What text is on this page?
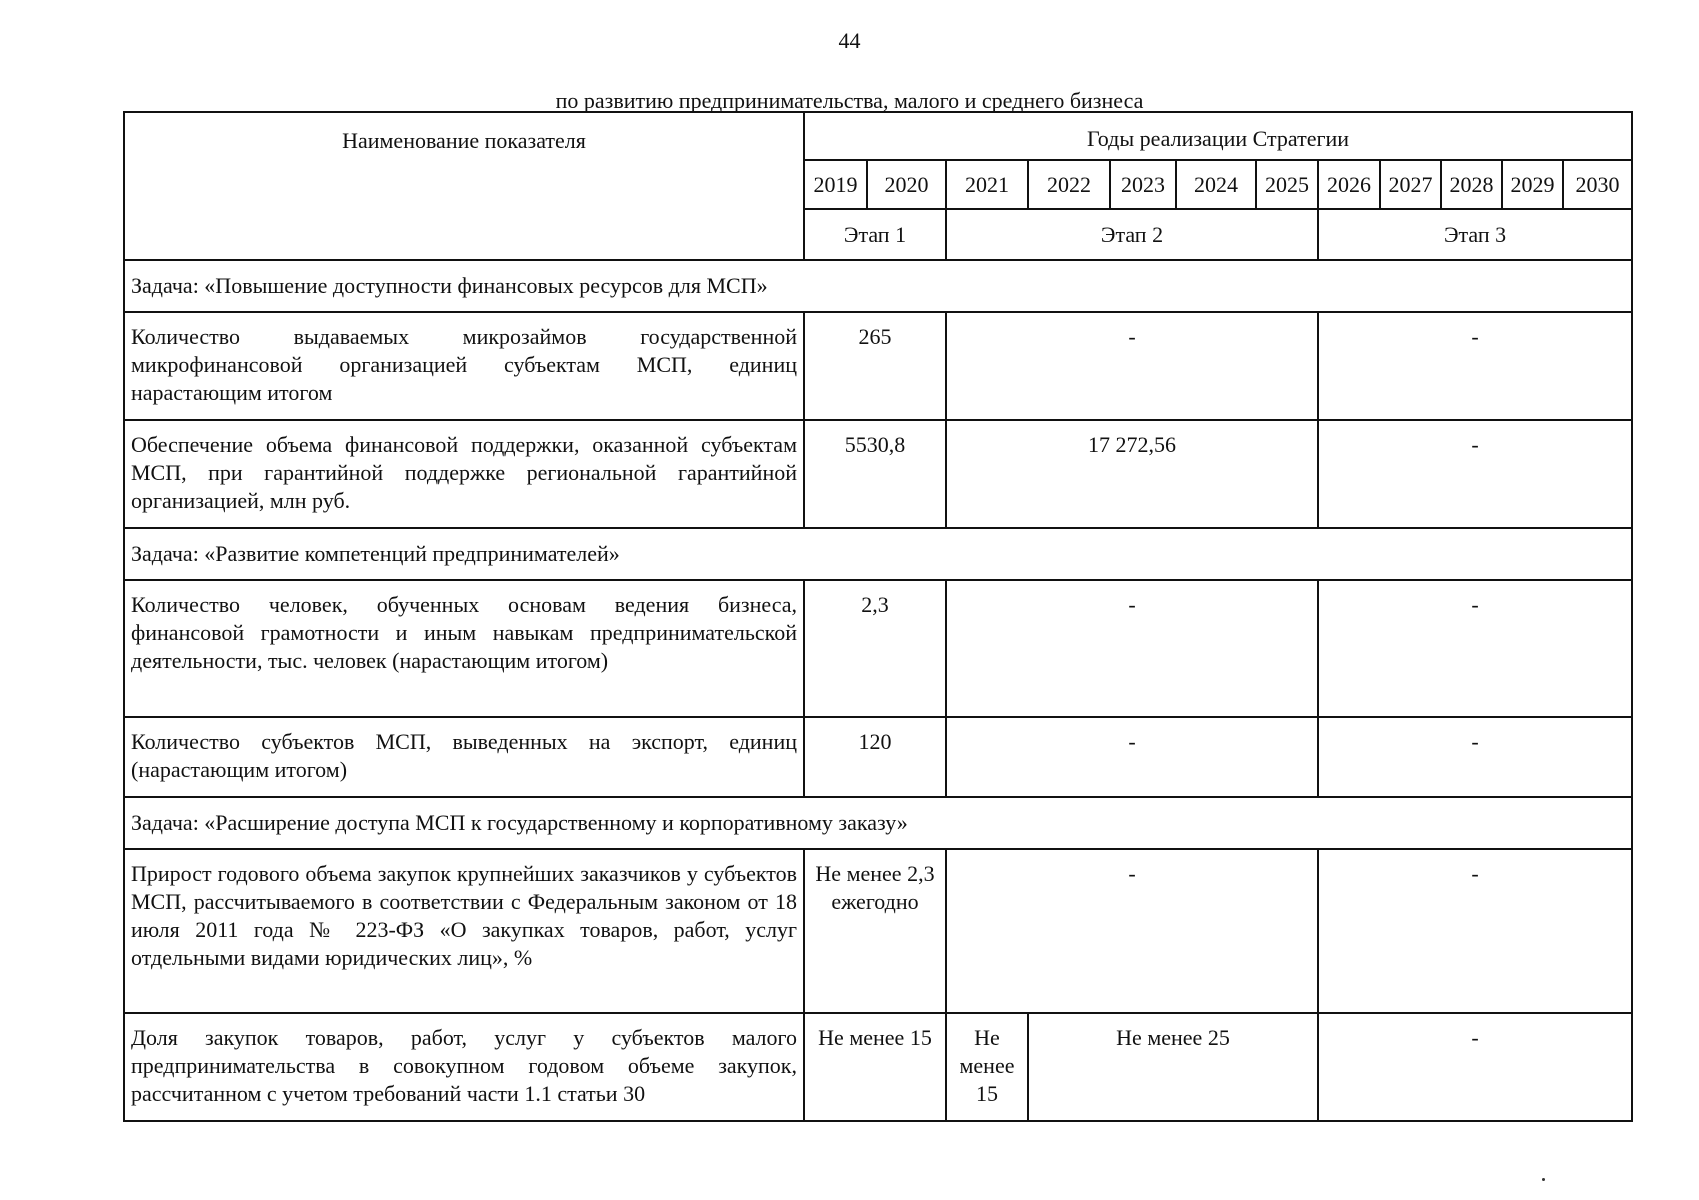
44
по развитию предпринимательства, малого и среднего бизнеса
Наименование показателя	Годы реализации Стратегии											
	2019	2020	2021	2022	2023	2024	2025	2026	2027	2028	2029	2030
	Этап 1		Этап 2					Этап 3				
Задача: «Повышение доступности финансовых ресурсов для МСП»												
Количество выдаваемых микрозаймов государственной микрофинансовой организацией субъектам МСП, единиц нарастающим итогом	265		-					-				
Обеспечение объема финансовой поддержки, оказанной субъектам МСП, при гарантийной поддержке региональной гарантийной организацией, млн руб.	5530,8		17 272,56					-				
Задача: «Развитие компетенций предпринимателей»												
Количество человек, обученных основам ведения бизнеса, финансовой грамотности и иным навыкам предпринимательской деятельности, тыс. человек (нарастающим итогом)	2,3		-					-				
Количество субъектов МСП, выведенных на экспорт, единиц (нарастающим итогом)	120		-					-				
Задача: «Расширение доступа МСП к государственному и корпоративному заказу»												
Прирост годового объема закупок крупнейших заказчиков у субъектов МСП, рассчитываемого в соответствии с Федеральным законом от 18 июля 2011 года № 223-ФЗ «О закупках товаров, работ, услуг отдельными видами юридических лиц», %	Не менее 2,3 ежегодно		-					-				
Доля закупок товаров, работ, услуг у субъектов малого предпринимательства в совокупном годовом объеме закупок, рассчитанном с учетом требований части 1.1 статьи 30	Не менее 15		Не менее 15	Не менее 25				-				
